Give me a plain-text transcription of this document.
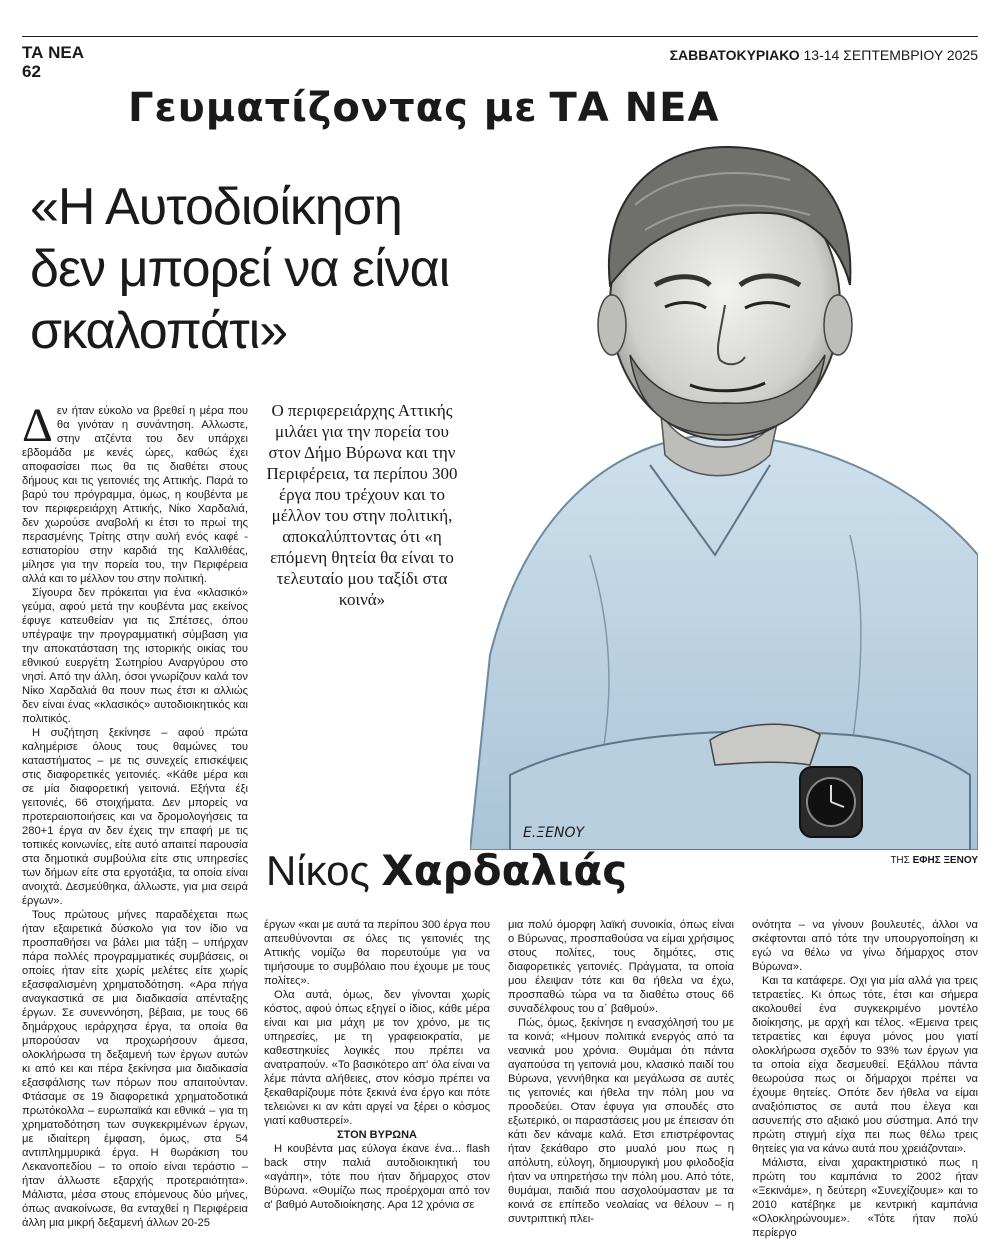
ΤΑ ΝΕΑ
62
ΣΑΒΒΑΤΟΚΥΡΙΑΚΟ 13-14 ΣΕΠΤΕΜΒΡΙΟΥ 2025
Γευματίζοντας με ΤΑ ΝΕΑ
«Η Αυτοδιοίκηση
δεν μπορεί να είναι
σκαλοπάτι»
Ε.ΞΕΝΟΥ
ΤΗΣ ΕΦΗΣ ΞΕΝΟΥ
Ο περιφερειάρχης Αττικής μιλάει για την πορεία του στον Δήμο Βύρωνα και την Περιφέρεια, τα περίπου 300 έργα που τρέχουν και το μέλλον του στην πολιτική, αποκαλύπτοντας ότι «η επόμενη θητεία θα είναι το τελευταίο μου ταξίδι στα κοινά»
Νίκος Χαρδαλιάς

Δεν ήταν εύκολο να βρεθεί η μέρα που θα γινόταν η συνάντηση. Αλλωστε, στην ατζέντα του δεν υπάρχει εβδομάδα με κενές ώρες, καθώς έχει αποφασίσει πως θα τις διαθέτει στους δήμους και τις γειτονιές της Αττικής. Παρά το βαρύ του πρόγραμμα, όμως, η κουβέντα με τον περιφερειάρχη Αττικής, Νίκο Χαρδαλιά, δεν χωρούσε αναβολή κι έτσι το πρωί της περασμένης Τρίτης στην αυλή ενός καφέ - εστιατορίου στην καρδιά της Καλλιθέας, μίλησε για την πορεία του, την Περιφέρεια αλλά και το μέλλον του στην πολιτική.

Σίγουρα δεν πρόκειται για ένα «κλασικό» γεύμα, αφού μετά την κουβέντα μας εκείνος έφυγε κατευθείαν για τις Σπέτσες, όπου υπέγραψε την προγραμματική σύμβαση για την αποκατάσταση της ιστορικής οικίας του εθνικού ευεργέτη Σωτηρίου Αναργύρου στο νησί. Από την άλλη, όσοι γνωρίζουν καλά τον Νίκο Χαρδαλιά θα πουν πως έτσι κι αλλιώς δεν είναι ένας «κλασικός» αυτοδιοικητικός και πολιτικός.

Η συζήτηση ξεκίνησε – αφού πρώτα καλημέρισε όλους τους θαμώνες του καταστήματος – με τις συνεχείς επισκέψεις στις διαφορετικές γειτονιές. «Κάθε μέρα και σε μία διαφορετική γειτονιά. Εξήντα έξι γειτονιές, 66 στοιχήματα. Δεν μπορείς να προτεραιοποιήσεις και να δρομολογήσεις τα 280+1 έργα αν δεν έχεις την επαφή με τις τοπικές κοινωνίες, είτε αυτό απαιτεί παρουσία στα δημοτικά συμβούλια είτε στις υπηρεσίες των δήμων είτε στα εργοτάξια, τα οποία είναι ανοιχτά. Δεσμεύθηκα, άλλωστε, για μια σειρά έργων».

Τους πρώτους μήνες παραδέχεται πως ήταν εξαιρετικά δύσκολο για τον ίδιο να προσπαθήσει να βάλει μια τάξη – υπήρχαν πάρα πολλές προγραμματικές συμβάσεις, οι οποίες ήταν είτε χωρίς μελέτες είτε χωρίς εξασφαλισμένη χρηματοδότηση. «Αρα πήγα αναγκαστικά σε μια διαδικασία απένταξης έργων. Σε συνεννόηση, βέβαια, με τους 66 δημάρχους ιεράρχησα έργα, τα οποία θα μπορούσαν να προχωρήσουν άμεσα, ολοκλήρωσα τη δεξαμενή των έργων αυτών κι από κει και πέρα ξεκίνησα μια διαδικασία εξασφάλισης των πόρων που απαιτούνταν. Φτάσαμε σε 19 διαφορετικά χρηματοδοτικά πρωτόκολλα – ευρωπαϊκά και εθνικά – για τη χρηματοδότηση των συγκεκριμένων έργων, με ιδιαίτερη έμφαση, όμως, στα 54 αντιπλημμυρικά έργα. Η θωράκιση του Λεκανοπεδίου – το οποίο είναι τεράστιο – ήταν άλλωστε εξαρχής προτεραιότητα». Μάλιστα, μέσα στους επόμενους δύο μήνες, όπως ανακοίνωσε, θα ενταχθεί η Περιφέρεια άλλη μια μικρή δεξαμενή άλλων 20-25

έργων «και με αυτά τα περίπου 300 έργα που απευθύνονται σε όλες τις γειτονιές της Αττικής νομίζω θα πορευτούμε για να τιμήσουμε το συμβόλαιο που έχουμε με τους πολίτες».

Ολα αυτά, όμως, δεν γίνονται χωρίς κόστος, αφού όπως εξηγεί ο ίδιος, κάθε μέρα είναι και μια μάχη με τον χρόνο, με τις υπηρεσίες, με τη γραφειοκρατία, με καθεστηκυίες λογικές που πρέπει να ανατραπούν. «Το βασικότερο απ' όλα είναι να λέμε πάντα αλήθειες, στον κόσμο πρέπει να ξεκαθαρίζουμε πότε ξεκινά ένα έργο και πότε τελειώνει κι αν κάτι αργεί να ξέρει ο κόσμος γιατί καθυστερεί».

ΣΤΟΝ ΒΥΡΩΝΑ

Η κουβέντα μας εύλογα έκανε ένα... flash back στην παλιά αυτοδιοικητική του «αγάπη», τότε που ήταν δήμαρχος στον Βύρωνα. «Θυμίζω πως προέρχομαι από τον α' βαθμό Αυτοδιοίκησης. Αρα 12 χρόνια σε

μια πολύ όμορφη λαϊκή συνοικία, όπως είναι ο Βύρωνας, προσπαθούσα να είμαι χρήσιμος στους πολίτες, τους δημότες, στις διαφορετικές γειτονιές. Πράγματα, τα οποία μου έλειψαν τότε και θα ήθελα να έχω, προσπαθώ τώρα να τα διαθέτω στους 66 συναδέλφους του α΄ βαθμού».

Πώς, όμως, ξεκίνησε η ενασχόλησή του με τα κοινά; «Ημουν πολιτικά ενεργός από τα νεανικά μου χρόνια. Θυμάμαι ότι πάντα αγαπούσα τη γειτονιά μου, κλασικό παιδί του Βύρωνα, γεννήθηκα και μεγάλωσα σε αυτές τις γειτονιές και ήθελα την πόλη μου να προοδεύει. Οταν έφυγα για σπουδές στο εξωτερικό, οι παραστάσεις μου με έπεισαν ότι κάτι δεν κάναμε καλά. Ετσι επιστρέφοντας ήταν ξεκάθαρο στο μυαλό μου πως η απόλυτη, εύλογη, δημιουργική μου φιλοδοξία ήταν να υπηρετήσω την πόλη μου. Από τότε, θυμάμαι, παιδιά που ασχολούμασταν με τα κοινά σε επίπεδο νεολαίας να θέλουν – η συντριπτική πλει-

ονότητα – να γίνουν βουλευτές, άλλοι να σκέφτονται από τότε την υπουργοποίηση κι εγώ να θέλω να γίνω δήμαρχος στον Βύρωνα».

Και τα κατάφερε. Οχι για μία αλλά για τρεις τετραετίες. Κι όπως τότε, έτσι και σήμερα ακολουθεί ένα συγκεκριμένο μοντέλο διοίκησης, με αρχή και τέλος. «Εμεινα τρεις τετραετίες και έφυγα μόνος μου γιατί ολοκλήρωσα σχεδόν το 93% των έργων για τα οποία είχα δεσμευθεί. Εξάλλου πάντα θεωρούσα πως οι δήμαρχοι πρέπει να έχουμε θητείες. Οπότε δεν ήθελα να είμαι αναξιόπιστος σε αυτά που έλεγα και ασυνεπής στο αξιακό μου σύστημα. Από την πρώτη στιγμή είχα πει πως θέλω τρεις θητείες για να κάνω αυτά που χρειάζονται».

Μάλιστα, είναι χαρακτηριστικό πως η πρώτη του καμπάνια το 2002 ήταν «Ξεκινάμε», η δεύτερη «Συνεχίζουμε» και το 2010 κατέβηκε με κεντρική καμπάνια «Ολοκληρώνουμε». «Τότε ήταν πολύ περίεργο
